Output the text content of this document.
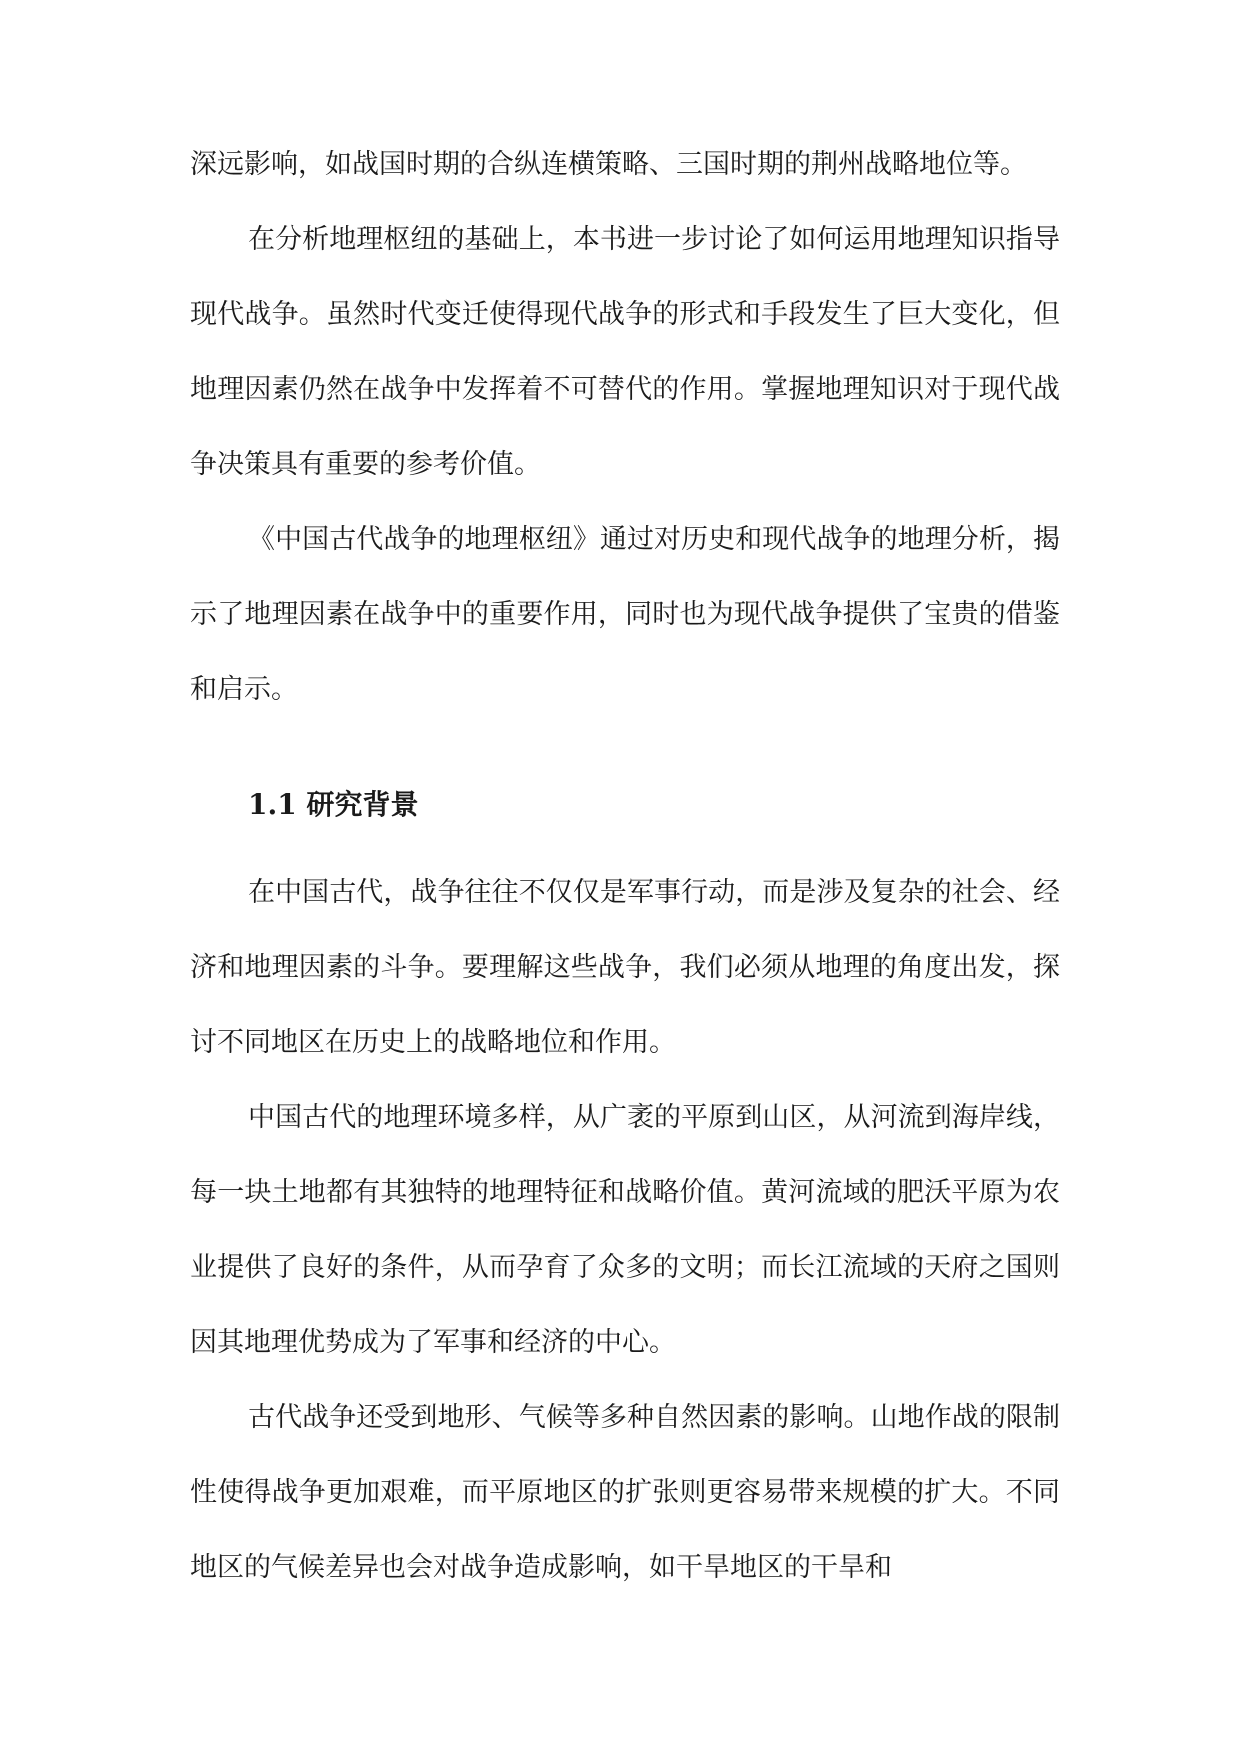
深远影响，如战国时期的合纵连横策略、三国时期的荆州战略地位等。

在分析地理枢纽的基础上，本书进一步讨论了如何运用地理知识指导现代战争。虽然时代变迁使得现代战争的形式和手段发生了巨大变化，但地理因素仍然在战争中发挥着不可替代的作用。掌握地理知识对于现代战争决策具有重要的参考价值。

《中国古代战争的地理枢纽》通过对历史和现代战争的地理分析，揭示了地理因素在战争中的重要作用，同时也为现代战争提供了宝贵的借鉴和启示。

1.1 研究背景

在中国古代，战争往往不仅仅是军事行动，而是涉及复杂的社会、经济和地理因素的斗争。要理解这些战争，我们必须从地理的角度出发，探讨不同地区在历史上的战略地位和作用。

中国古代的地理环境多样，从广袤的平原到山区，从河流到海岸线，每一块土地都有其独特的地理特征和战略价值。黄河流域的肥沃平原为农业提供了良好的条件，从而孕育了众多的文明；而长江流域的天府之国则因其地理优势成为了军事和经济的中心。

古代战争还受到地形、气候等多种自然因素的影响。山地作战的限制性使得战争更加艰难，而平原地区的扩张则更容易带来规模的扩大。不同地区的气候差异也会对战争造成影响，如干旱地区的干旱和
